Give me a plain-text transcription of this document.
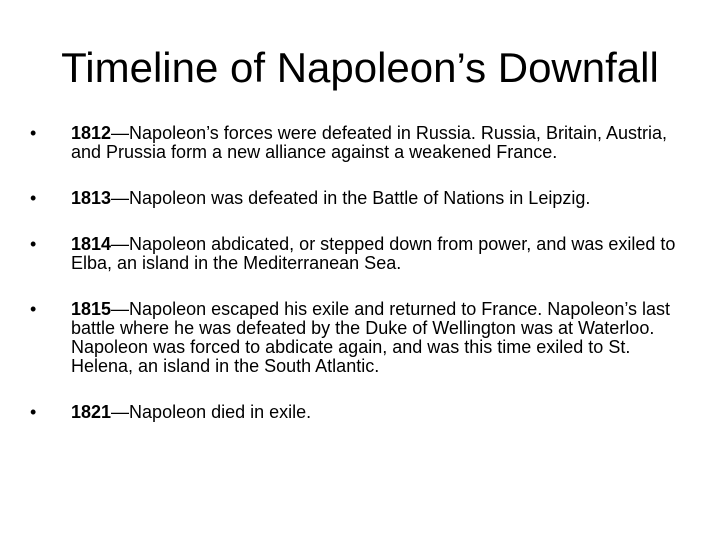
Timeline of Napoleon’s Downfall
•	1812—Napoleon’s forces were defeated in Russia. Russia, Britain, Austria, and Prussia form a new alliance against a weakened France.
•	1813—Napoleon was defeated in the Battle of Nations in Leipzig.
•	1814—Napoleon abdicated, or stepped down from power, and was exiled to Elba, an island in the Mediterranean Sea.
•	1815—Napoleon escaped his exile and returned to France. Napoleon’s last battle where he was defeated by the Duke of Wellington was at Waterloo. Napoleon was forced to abdicate again, and was this time exiled to St. Helena, an island in the South Atlantic.
•	1821—Napoleon died in exile.
